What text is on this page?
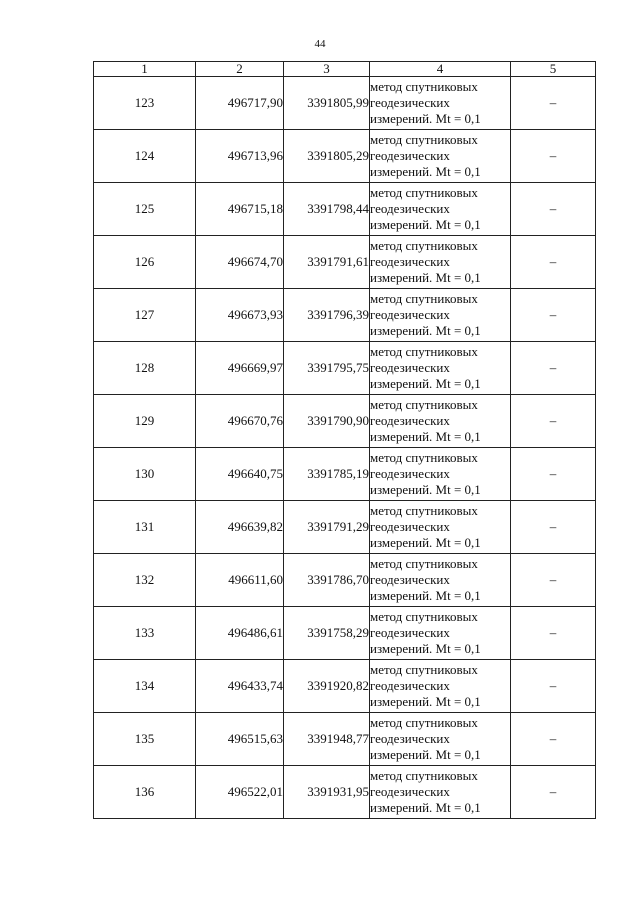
44
1	2	3	4	5
123	496717,90	3391805,99	метод спутниковых
геодезических
измерений. Mt = 0,1	–
124	496713,96	3391805,29	метод спутниковых
геодезических
измерений. Mt = 0,1	–
125	496715,18	3391798,44	метод спутниковых
геодезических
измерений. Mt = 0,1	–
126	496674,70	3391791,61	метод спутниковых
геодезических
измерений. Mt = 0,1	–
127	496673,93	3391796,39	метод спутниковых
геодезических
измерений. Mt = 0,1	–
128	496669,97	3391795,75	метод спутниковых
геодезических
измерений. Mt = 0,1	–
129	496670,76	3391790,90	метод спутниковых
геодезических
измерений. Mt = 0,1	–
130	496640,75	3391785,19	метод спутниковых
геодезических
измерений. Mt = 0,1	–
131	496639,82	3391791,29	метод спутниковых
геодезических
измерений. Mt = 0,1	–
132	496611,60	3391786,70	метод спутниковых
геодезических
измерений. Mt = 0,1	–
133	496486,61	3391758,29	метод спутниковых
геодезических
измерений. Mt = 0,1	–
134	496433,74	3391920,82	метод спутниковых
геодезических
измерений. Mt = 0,1	–
135	496515,63	3391948,77	метод спутниковых
геодезических
измерений. Mt = 0,1	–
136	496522,01	3391931,95	метод спутниковых
геодезических
измерений. Mt = 0,1	–
